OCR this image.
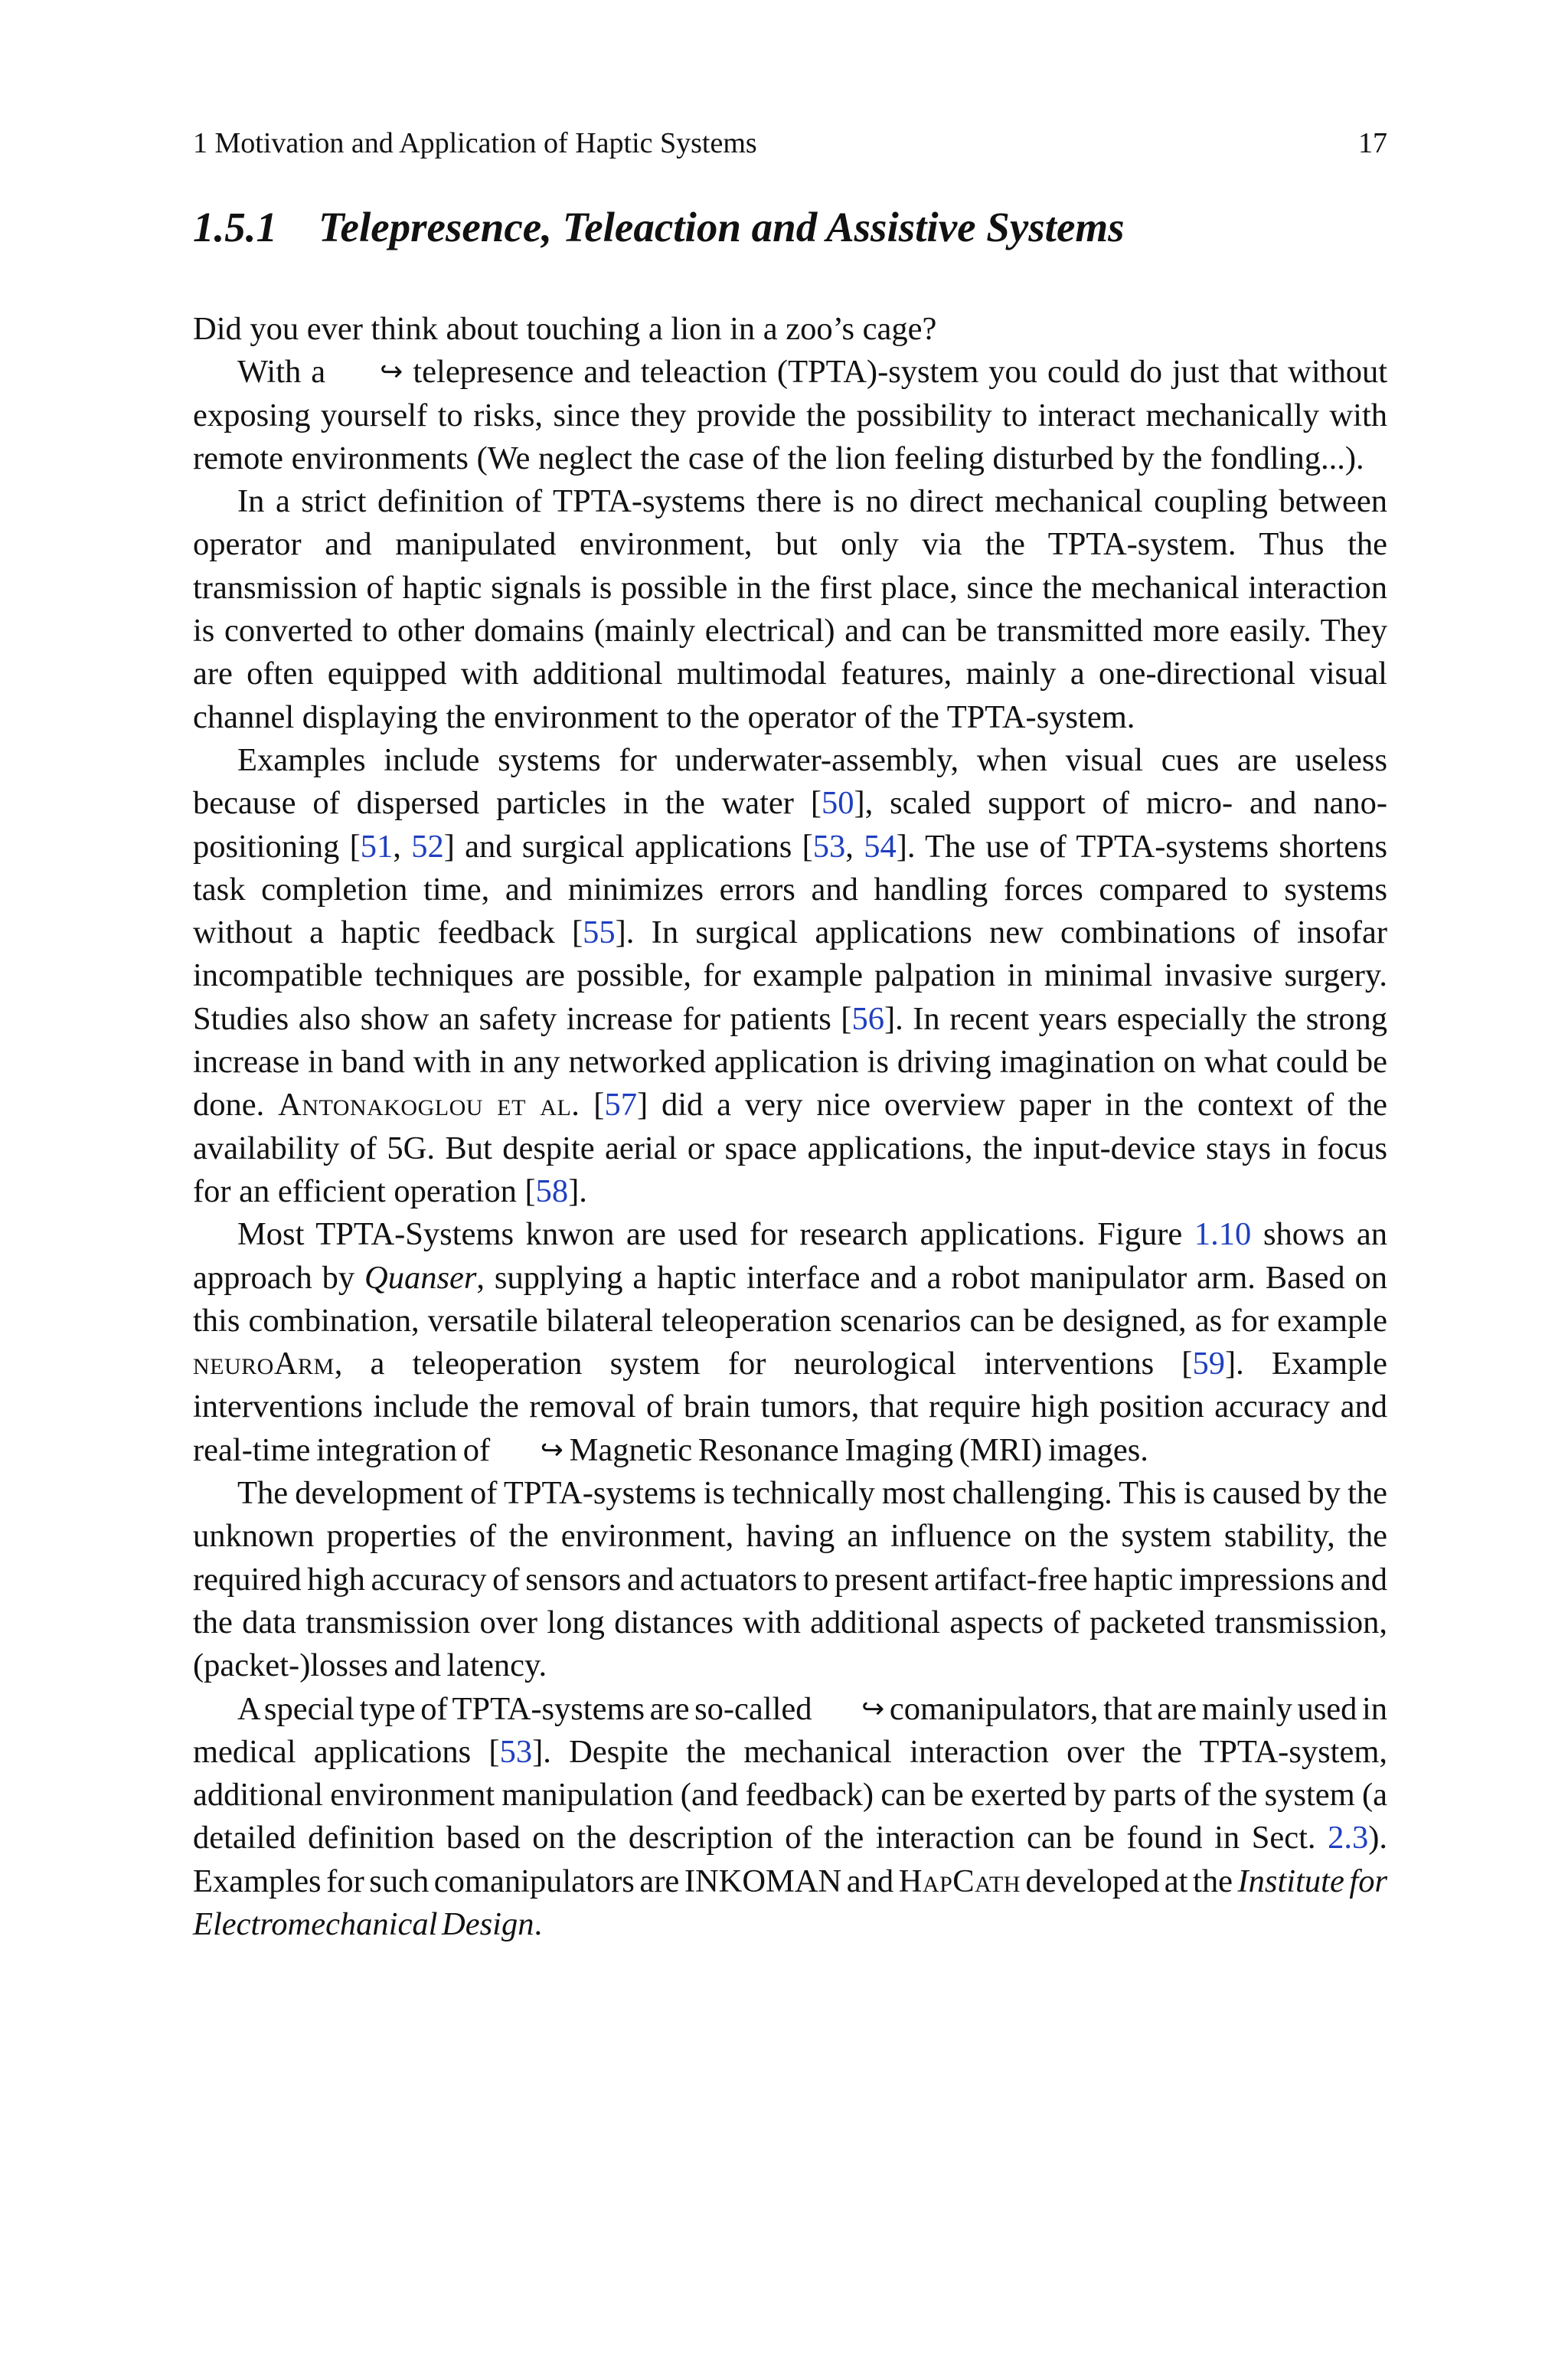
1 Motivation and Application of Haptic Systems	17
1.5.1 Telepresence, Teleaction and Assistive Systems

Did you ever think about touching a lion in a zoo’s cage?

With a ↪ telepresence and teleaction (TPTA)-system you could do just that without exposing yourself to risks, since they provide the possibility to interact mechanically with remote environments (We neglect the case of the lion feeling disturbed by the fondling...).

In a strict definition of TPTA-systems there is no direct mechanical coupling between operator and manipulated environment, but only via the TPTA-system. Thus the transmission of haptic signals is possible in the first place, since the mechanical interaction is converted to other domains (mainly electrical) and can be transmitted more easily. They are often equipped with additional multimodal features, mainly a one-directional visual channel displaying the environment to the operator of the TPTA-system.

Examples include systems for underwater-assembly, when visual cues are useless because of dispersed particles in the water [50], scaled support of micro- and nano-positioning [51, 52] and surgical applications [53, 54]. The use of TPTA-systems shortens task completion time, and minimizes errors and handling forces compared to systems without a haptic feedback [55]. In surgical applications new combinations of insofar incompatible techniques are possible, for example palpation in minimal invasive surgery. Studies also show an safety increase for patients [56]. In recent years especially the strong increase in band with in any networked application is driving imagination on what could be done. Antonakoglou et al. [57] did a very nice overview paper in the context of the availability of 5G. But despite aerial or space applications, the input-device stays in focus for an efficient operation [58].

Most TPTA-Systems knwon are used for research applications. Figure 1.10 shows an approach by Quanser, supplying a haptic interface and a robot manipulator arm. Based on this combination, versatile bilateral teleoperation scenarios can be designed, as for example neuroArm, a teleoperation system for neurological interventions [59]. Example interventions include the removal of brain tumors, that require high position accuracy and real-time integration of ↪ Magnetic Resonance Imaging (MRI) images.

The development of TPTA-systems is technically most challenging. This is caused by the unknown properties of the environment, having an influence on the system stability, the required high accuracy of sensors and actuators to present artifact-free haptic impressions and the data transmission over long distances with additional aspects of packeted transmission, (packet-)losses and latency.

A special type of TPTA-systems are so-called ↪ comanipulators, that are mainly used in medical applications [53]. Despite the mechanical interaction over the TPTA-system, additional environment manipulation (and feedback) can be exerted by parts of the system (a detailed definition based on the description of the interaction can be found in Sect. 2.3). Examples for such comanipulators are INKOMAN and HapCath developed at the Institute for Electromechanical Design.
